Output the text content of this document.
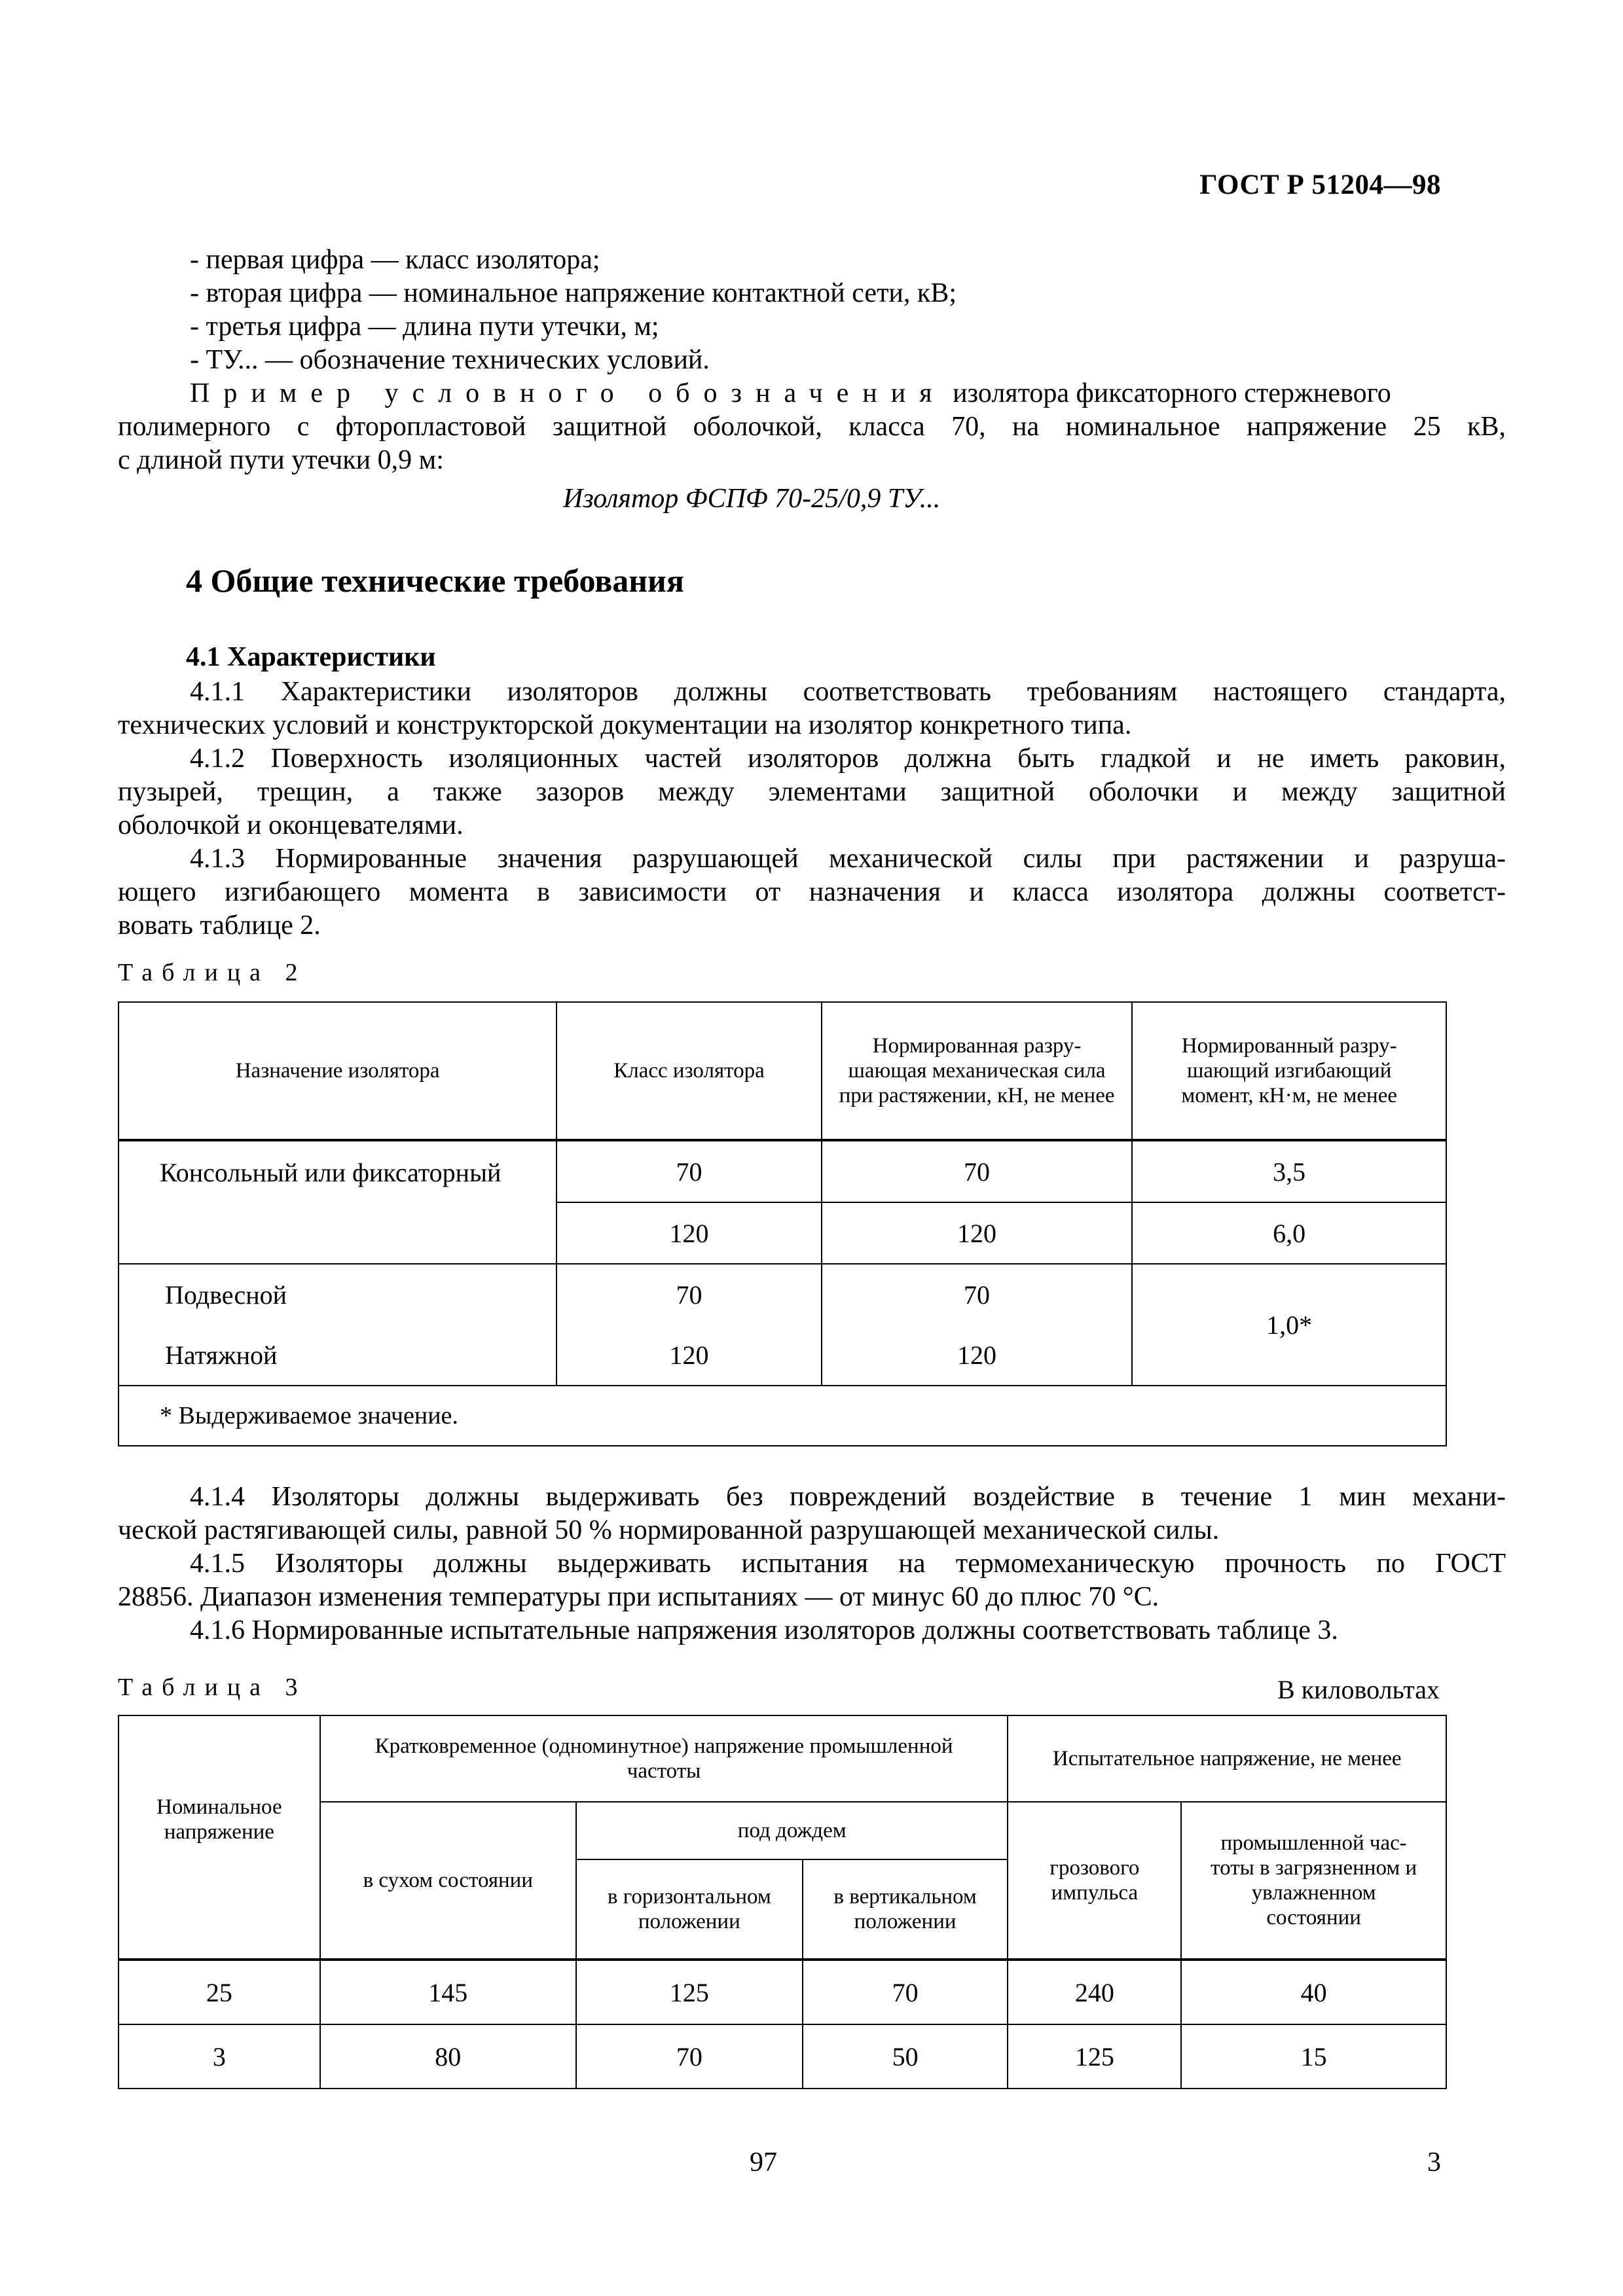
ГОСТ Р 51204—98
- первая цифра — класс изолятора;
- вторая цифра — номинальное напряжение контактной сети, кВ;
- третья цифра — длина пути утечки, м;
- ТУ... — обозначение технических условий.
Пример условного обозначения изолятора фиксаторного стержневого
полимерного с фторопластовой защитной оболочкой, класса 70, на номинальное напряжение 25 кВ,
с длиной пути утечки 0,9 м:
Изолятор ФСПФ 70-25/0,9 ТУ...
4 Общие технические требования
4.1 Характеристики
4.1.1 Характеристики изоляторов должны соответствовать требованиям настоящего стандарта,
технических условий и конструкторской документации на изолятор конкретного типа.
4.1.2 Поверхность изоляционных частей изоляторов должна быть гладкой и не иметь раковин,
пузырей, трещин, а также зазоров между элементами защитной оболочки и между защитной
оболочкой и оконцевателями.
4.1.3 Нормированные значения разрушающей механической силы при растяжении и разруша-
ющего изгибающего момента в зависимости от назначения и класса изолятора должны соответст-
вовать таблице 2.
Таблица 2
Назначение изолятора	Класс изолятора	Нормированная разру-шающая механическая сила при растяжении, кН, не менее	Нормированный разру-шающий изгибающий момент, кН·м, не менее
Консольный или фиксаторный	70	70	3,5
	120	120	6,0
Подвесной	70	70	1,0*
Натяжной	120	120	
* Выдерживаемое значение.			
4.1.4 Изоляторы должны выдерживать без повреждений воздействие в течение 1 мин механи-
ческой растягивающей силы, равной 50 % нормированной разрушающей механической силы.
4.1.5 Изоляторы должны выдерживать испытания на термомеханическую прочность по ГОСТ
28856. Диапазон изменения температуры при испытаниях — от минус 60 до плюс 70 °С.
4.1.6 Нормированные испытательные напряжения изоляторов должны соответствовать таблице 3.
Таблица 3	В киловольтах
Номинальное напряжение	Кратковременное (одноминутное) напряжение промышленной частоты			Испытательное напряжение, не менее	
	в сухом состоянии	под дождем		грозового импульса	промышленной час-тоты в загрязненном и увлажненном состоянии
		в горизонтальном положении	в вертикальном положении		
25	145	125	70	240	40
3	80	70	50	125	15
97	3
